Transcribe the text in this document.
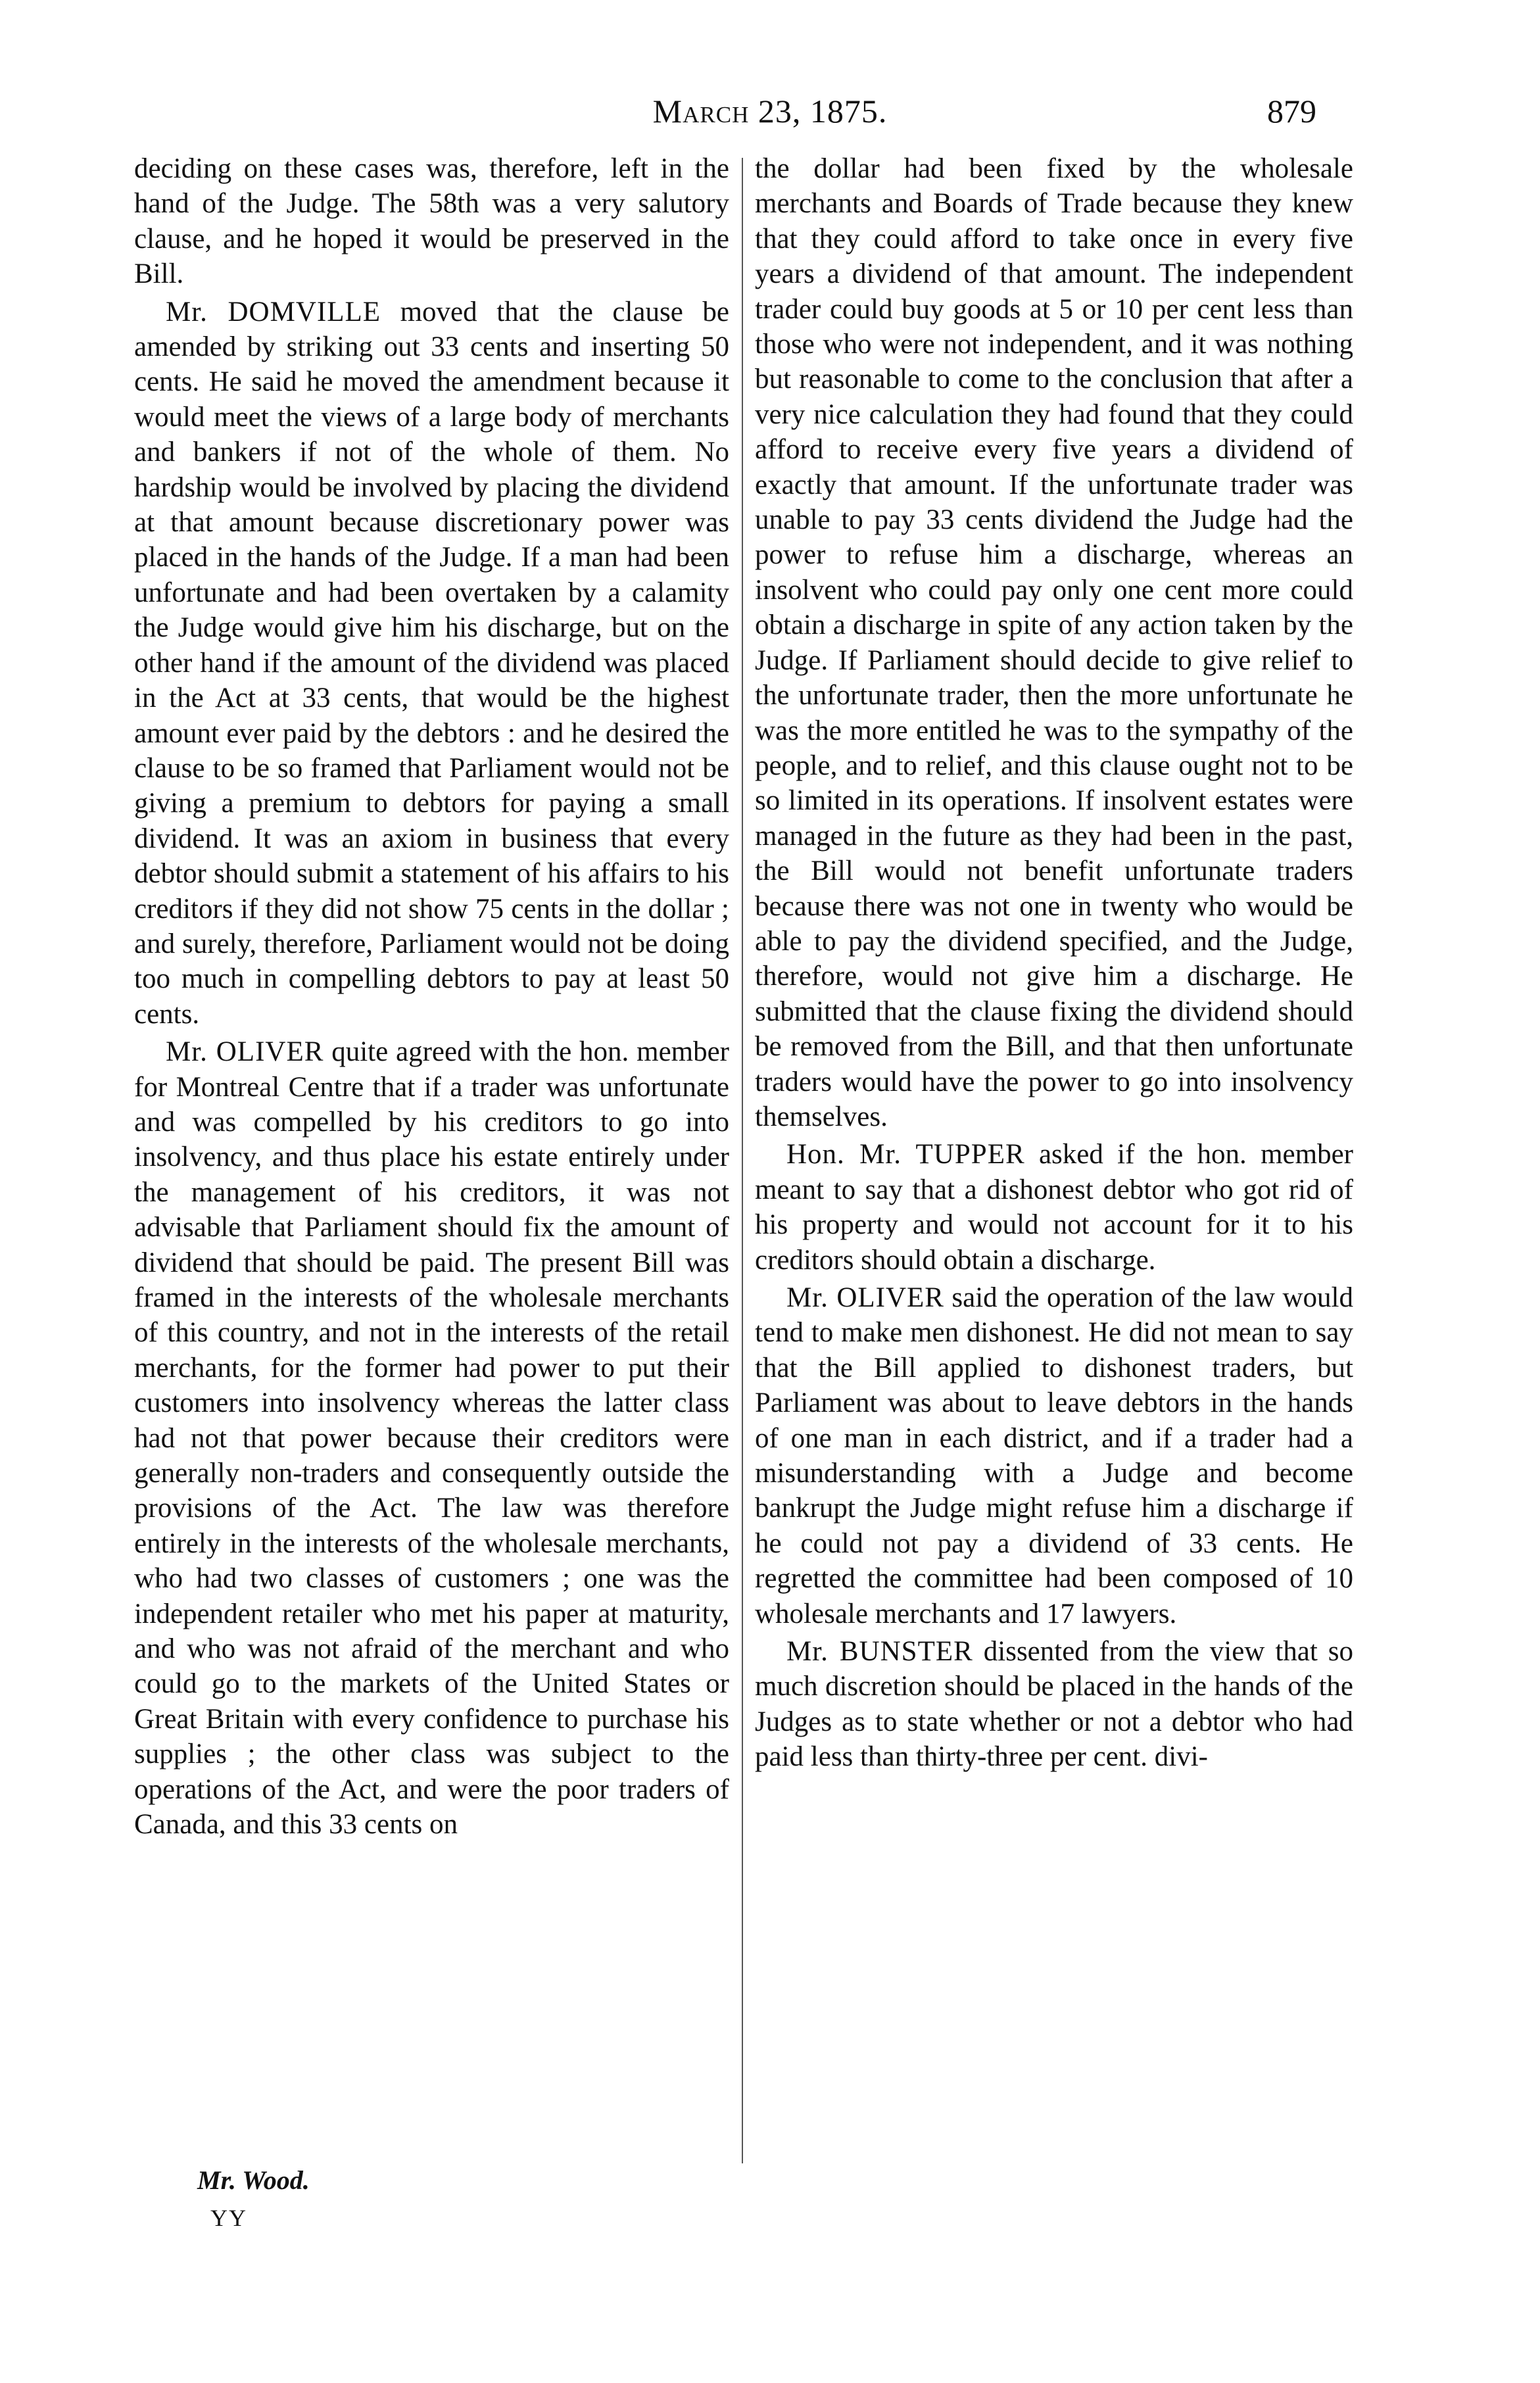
March 23, 1875.	879

deciding on these cases was, therefore, left in the hand of the Judge. The 58th was a very salutory clause, and he hoped it would be preserved in the Bill.

Mr. DOMVILLE moved that the clause be amended by striking out 33 cents and inserting 50 cents. He said he moved the amendment because it would meet the views of a large body of merchants and bankers if not of the whole of them. No hardship would be involved by placing the dividend at that amount because discretionary power was placed in the hands of the Judge. If a man had been unfortunate and had been overtaken by a calamity the Judge would give him his discharge, but on the other hand if the amount of the dividend was placed in the Act at 33 cents, that would be the highest amount ever paid by the debtors : and he desired the clause to be so framed that Parliament would not be giving a premium to debtors for paying a small dividend. It was an axiom in business that every debtor should submit a statement of his affairs to his creditors if they did not show 75 cents in the dollar ; and surely, therefore, Parliament would not be doing too much in compelling debtors to pay at least 50 cents.

Mr. OLIVER quite agreed with the hon. member for Montreal Centre that if a trader was unfortunate and was compelled by his creditors to go into insolvency, and thus place his estate entirely under the management of his creditors, it was not advisable that Parliament should fix the amount of dividend that should be paid. The present Bill was framed in the interests of the wholesale merchants of this country, and not in the interests of the retail merchants, for the former had power to put their customers into insolvency whereas the latter class had not that power because their creditors were generally non-traders and consequently outside the provisions of the Act. The law was therefore entirely in the interests of the wholesale merchants, who had two classes of customers ; one was the independent retailer who met his paper at maturity, and who was not afraid of the merchant and who could go to the markets of the United States or Great Britain with every confidence to purchase his supplies ; the other class was subject to the operations of the Act, and were the poor traders of Canada, and this 33 cents on

the dollar had been fixed by the wholesale merchants and Boards of Trade because they knew that they could afford to take once in every five years a dividend of that amount. The independent trader could buy goods at 5 or 10 per cent less than those who were not independent, and it was nothing but reasonable to come to the conclusion that after a very nice calculation they had found that they could afford to receive every five years a dividend of exactly that amount. If the unfortunate trader was unable to pay 33 cents dividend the Judge had the power to refuse him a discharge, whereas an insolvent who could pay only one cent more could obtain a discharge in spite of any action taken by the Judge. If Parliament should decide to give relief to the unfortunate trader, then the more unfortunate he was the more entitled he was to the sympathy of the people, and to relief, and this clause ought not to be so limited in its operations. If insolvent estates were managed in the future as they had been in the past, the Bill would not benefit unfortunate traders because there was not one in twenty who would be able to pay the dividend specified, and the Judge, therefore, would not give him a discharge. He submitted that the clause fixing the dividend should be removed from the Bill, and that then unfortunate traders would have the power to go into insolvency themselves.

Hon. Mr. TUPPER asked if the hon. member meant to say that a dishonest debtor who got rid of his property and would not account for it to his creditors should obtain a discharge.

Mr. OLIVER said the operation of the law would tend to make men dishonest. He did not mean to say that the Bill applied to dishonest traders, but Parliament was about to leave debtors in the hands of one man in each district, and if a trader had a misunderstanding with a Judge and become bankrupt the Judge might refuse him a discharge if he could not pay a dividend of 33 cents. He regretted the committee had been composed of 10 wholesale merchants and 17 lawyers.

Mr. BUNSTER dissented from the view that so much discretion should be placed in the hands of the Judges as to state whether or not a debtor who had paid less than thirty-three per cent. divi-

Mr. Wood.
YY
